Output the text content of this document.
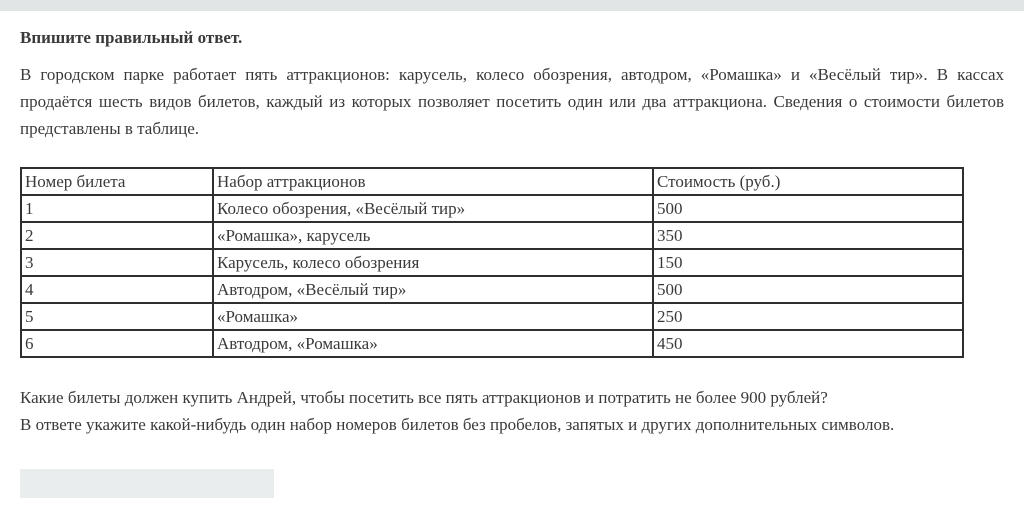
Впишите правильный ответ.
В городском парке работает пять аттракционов: карусель, колесо обозрения, автодром, «Ромашка» и «Весёлый тир». В кассах продаётся шесть видов билетов, каждый из которых позволяет посетить один или два аттракциона. Сведения о стоимости билетов представлены в таблице.
Номер билета	Набор аттракционов	Стоимость (руб.)
1	Колесо обозрения, «Весёлый тир»	500
2	«Ромашка», карусель	350
3	Карусель, колесо обозрения	150
4	Автодром, «Весёлый тир»	500
5	«Ромашка»	250
6	Автодром, «Ромашка»	450
Какие билеты должен купить Андрей, чтобы посетить все пять аттракционов и потратить не более 900 рублей?
В ответе укажите какой-нибудь один набор номеров билетов без пробелов, запятых и других дополнительных символов.
